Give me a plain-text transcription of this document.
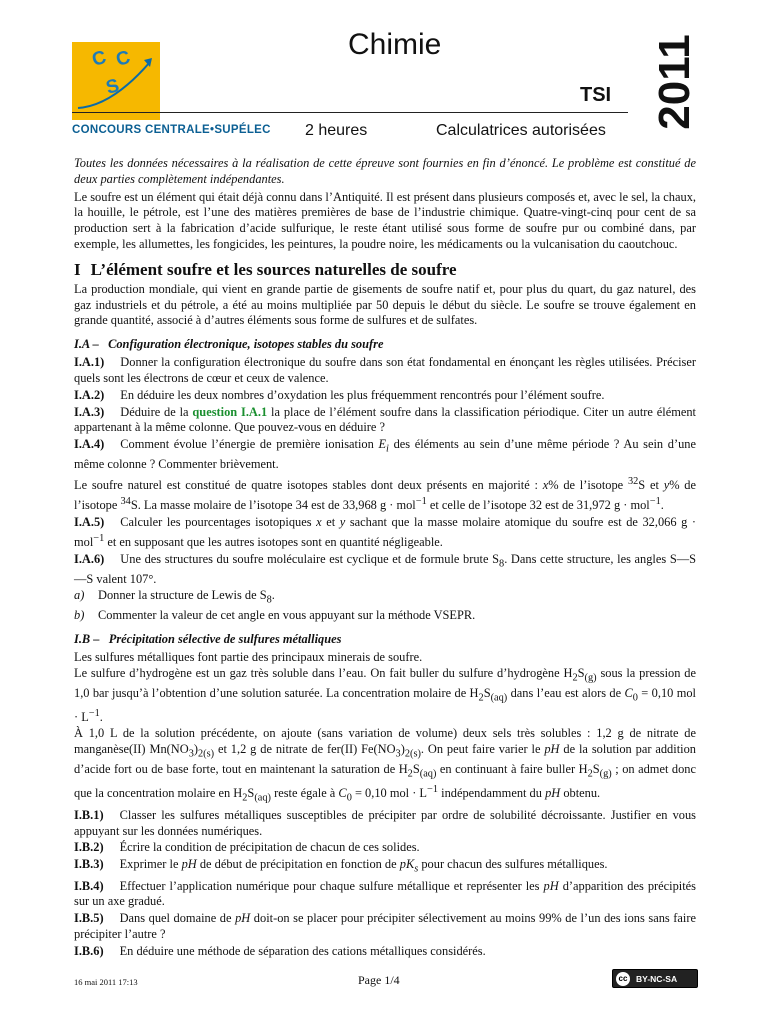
C C
S
CONCOURS CENTRALE•SUPÉLEC
Chimie
TSI
2 heures	Calculatrices autorisées
2011

Toutes les données nécessaires à la réalisation de cette épreuve sont fournies en fin d’énoncé. Le problème est constitué de deux parties complètement indépendantes.

Le soufre est un élément qui était déjà connu dans l’Antiquité. Il est présent dans plusieurs composés et, avec le sel, la chaux, la houille, le pétrole, est l’une des matières premières de base de l’industrie chimique. Quatre-vingt-cinq pour cent de sa production sert à la fabrication d’acide sulfurique, le reste étant utilisé sous forme de soufre pur ou combiné dans, par exemple, les allumettes, les fongicides, les peintures, la poudre noire, les médicaments ou la vulcanisation du caoutchouc.

I L’élément soufre et les sources naturelles de soufre

La production mondiale, qui vient en grande partie de gisements de soufre natif et, pour plus du quart, du gaz naturel, des gaz industriels et du pétrole, a été au moins multipliée par 50 depuis le début du siècle. Le soufre se trouve également en grande quantité, associé à d’autres éléments sous forme de sulfures et de sulfates.

I.A – Configuration électronique, isotopes stables du soufre

I.A.1) Donner la configuration électronique du soufre dans son état fondamental en énonçant les règles utilisées. Préciser quels sont les électrons de cœur et ceux de valence.

I.A.2) En déduire les deux nombres d’oxydation les plus fréquemment rencontrés pour l’élément soufre.

I.A.3) Déduire de la question I.A.1 la place de l’élément soufre dans la classification périodique. Citer un autre élément appartenant à la même colonne. Que pouvez-vous en déduire ?

I.A.4) Comment évolue l’énergie de première ionisation $E_i$ des éléments au sein d’une même période ? Au sein d’une même colonne ? Commenter brièvement.

Le soufre naturel est constitué de quatre isotopes stables dont deux présents en majorité : x% de l’isotope $^{32}$S et y% de l’isotope $^{34}$S. La masse molaire de l’isotope 34 est de 33,968 g · mol$^{-1}$ et celle de l’isotope 32 est de 31,972 g · mol$^{-1}$.

I.A.5) Calculer les pourcentages isotopiques x et y sachant que la masse molaire atomique du soufre est de 32,066 g · mol$^{-1}$ et en supposant que les autres isotopes sont en quantité négligeable.

I.A.6) Une des structures du soufre moléculaire est cyclique et de formule brute $S_8$. Dans cette structure, les angles S—S—S valent 107°.

a) Donner la structure de Lewis de $S_8$.

b) Commenter la valeur de cet angle en vous appuyant sur la méthode VSEPR.

I.B – Précipitation sélective de sulfures métalliques

Les sulfures métalliques font partie des principaux minerais de soufre.

Le sulfure d’hydrogène est un gaz très soluble dans l’eau. On fait buller du sulfure d’hydrogène $H_2S_{(g)}$ sous la pression de 1,0 bar jusqu’à l’obtention d’une solution saturée. La concentration molaire de $H_2S_{(aq)}$ dans l’eau est alors de $C_0 = 0,10$ mol · $L^{-1}$.

À 1,0 L de la solution précédente, on ajoute (sans variation de volume) deux sels très solubles : 1,2 g de nitrate de manganèse(II) $Mn(NO_3)_{2(s)}$ et 1,2 g de nitrate de fer(II) $Fe(NO_3)_{2(s)}$. On peut faire varier le pH de la solution par addition d’acide fort ou de base forte, tout en maintenant la saturation de $H_2S_{(aq)}$ en continuant à faire buller $H_2S_{(g)}$ ; on admet donc que la concentration molaire en $H_2S_{(aq)}$ reste égale à $C_0 = 0,10$ mol · $L^{-1}$ indépendamment du pH obtenu.

I.B.1) Classer les sulfures métalliques susceptibles de précipiter par ordre de solubilité décroissante. Justifier en vous appuyant sur les données numériques.

I.B.2) Écrire la condition de précipitation de chacun de ces solides.

I.B.3) Exprimer le pH de début de précipitation en fonction de $pK_s$ pour chacun des sulfures métalliques.

I.B.4) Effectuer l’application numérique pour chaque sulfure métallique et représenter les pH d’apparition des précipités sur un axe gradué.

I.B.5) Dans quel domaine de pH doit-on se placer pour précipiter sélectivement au moins 99% de l’un des ions sans faire précipiter l’autre ?

I.B.6) En déduire une méthode de séparation des cations métalliques considérés.

16 mai 2011 17:13	Page 1/4	cc BY-NC-SA
